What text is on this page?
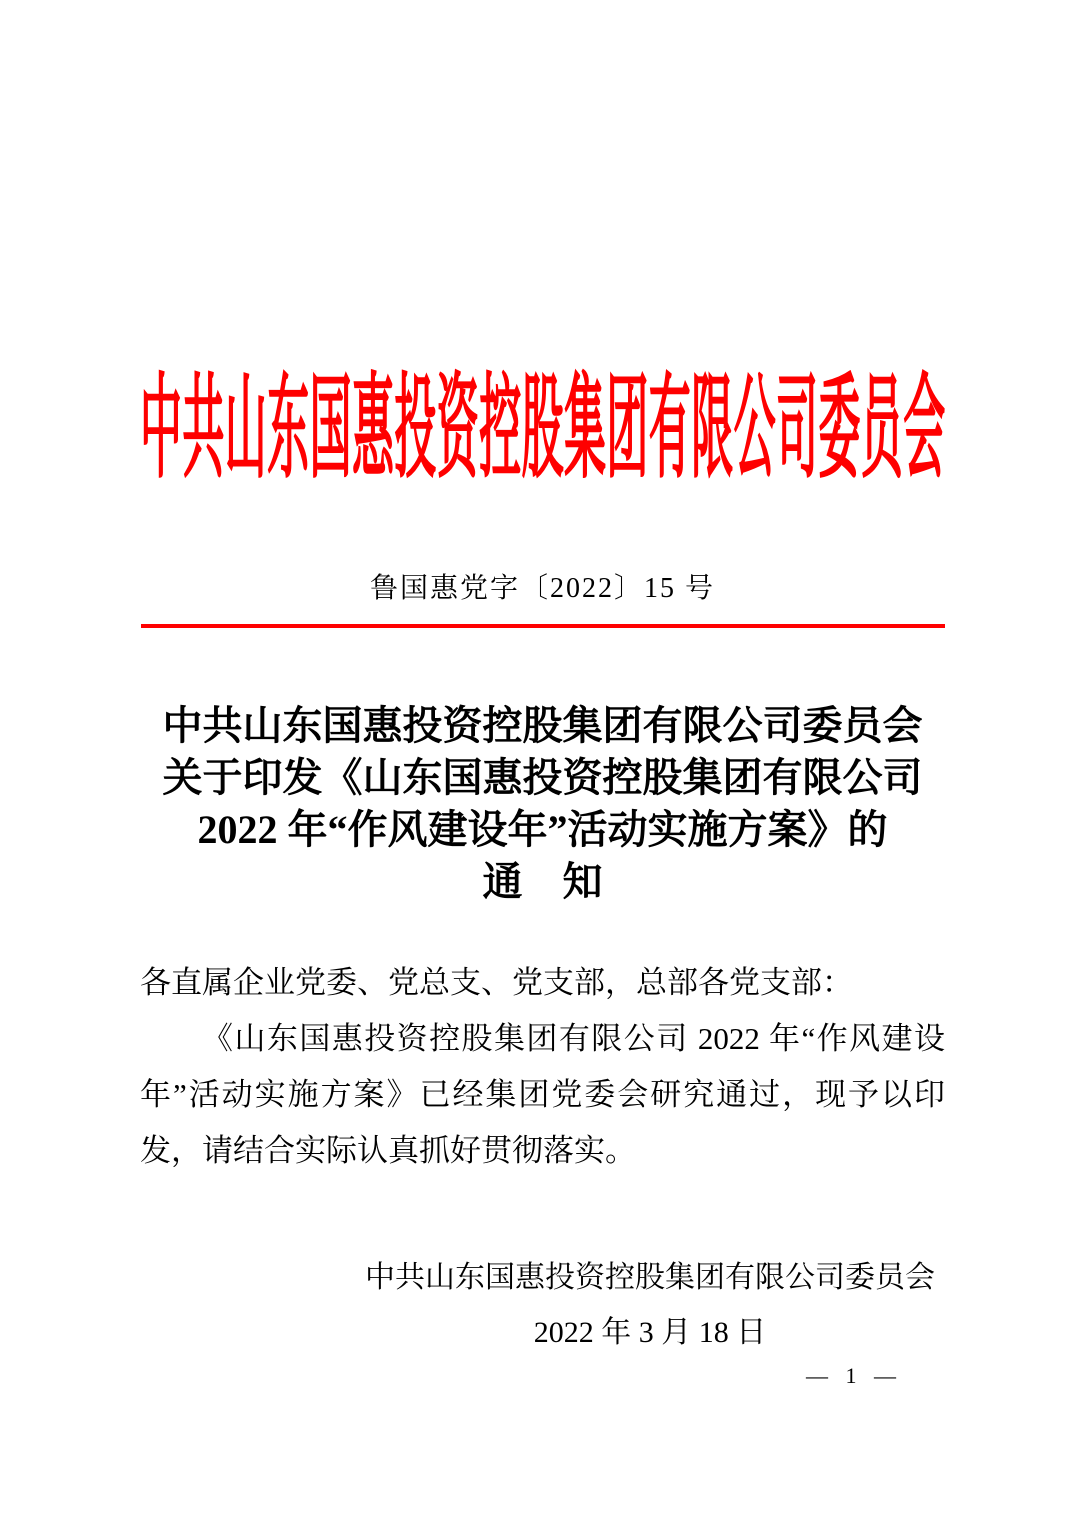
中共山东国惠投资控股集团有限公司委员会
鲁国惠党字〔2022〕15 号
中共山东国惠投资控股集团有限公司委员会
关于印发《山东国惠投资控股集团有限公司
2022 年“作风建设年”活动实施方案》的
通　知
各直属企业党委、党总支、党支部，总部各党支部：
《山东国惠投资控股集团有限公司 2022 年“作风建设年”活动实施方案》已经集团党委会研究通过，现予以印发，请结合实际认真抓好贯彻落实。
中共山东国惠投资控股集团有限公司委员会
2022 年 3 月 18 日
— 1 —
